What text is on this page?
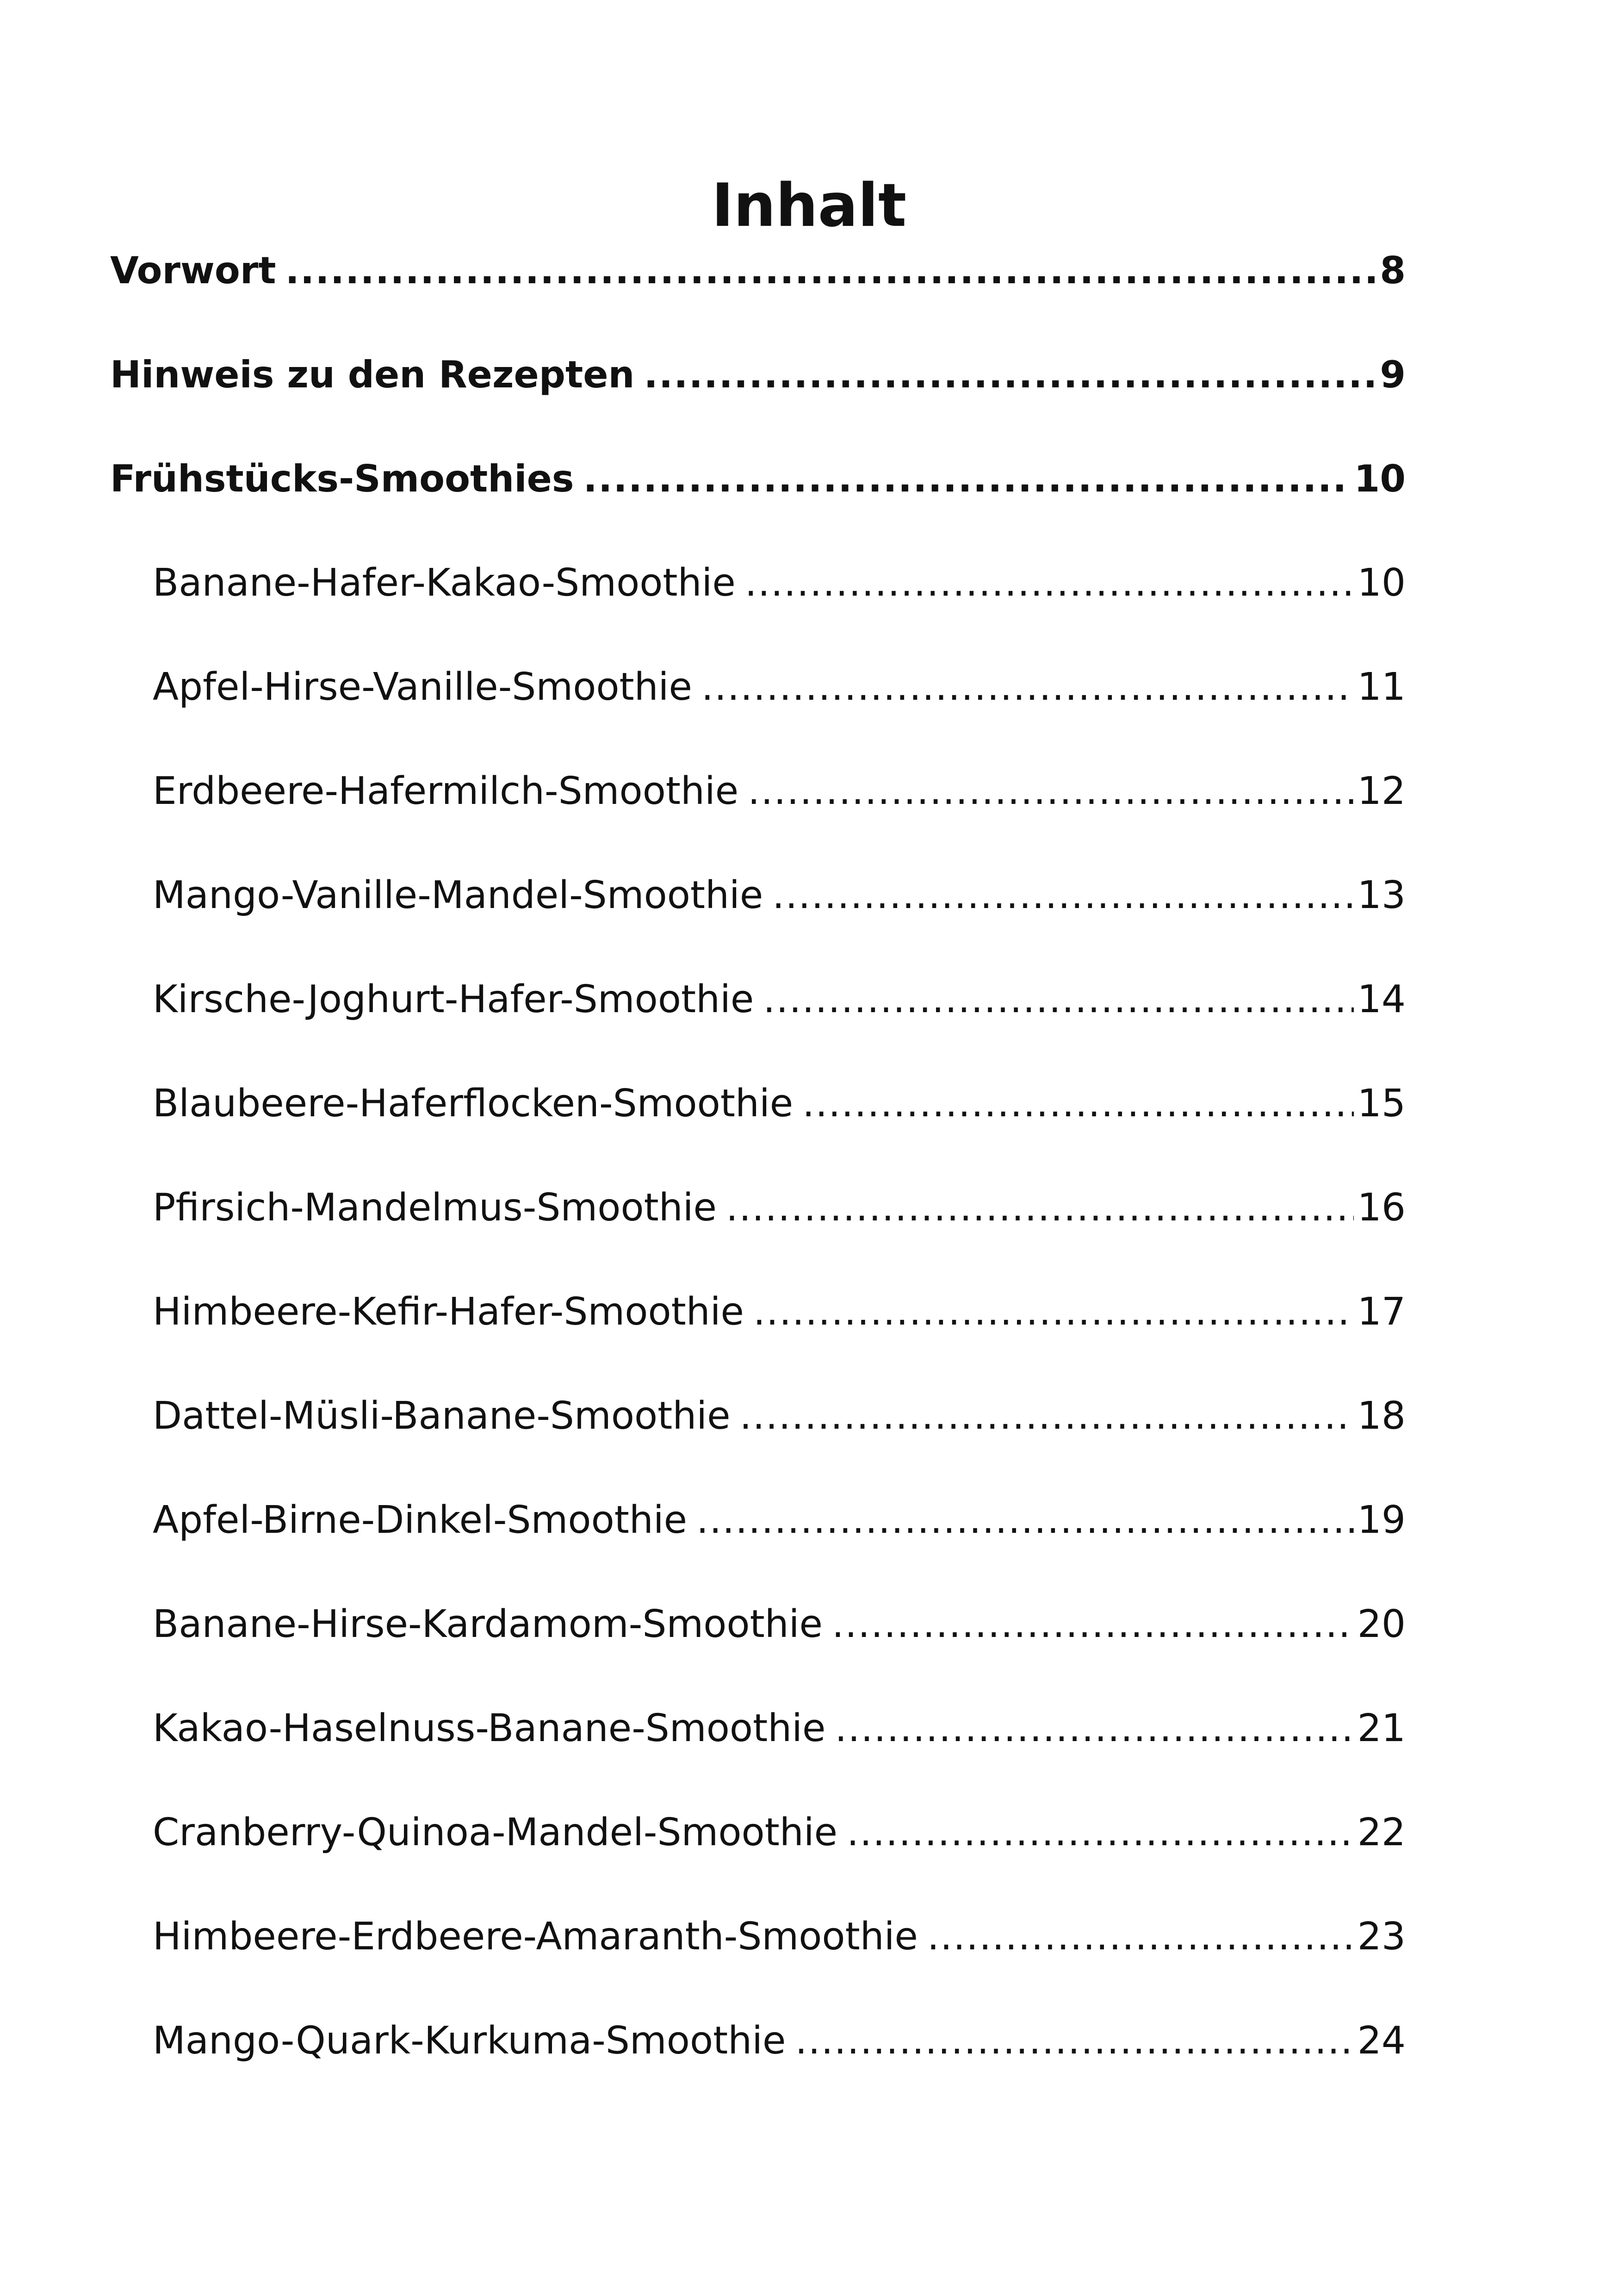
Inhalt
Vorwort .....	8
Hinweis zu den Rezepten .....	9
Frühstücks-Smoothies .....	10
Banane-Hafer-Kakao-Smoothie .....	10
Apfel-Hirse-Vanille-Smoothie .....	11
Erdbeere-Hafermilch-Smoothie .....	12
Mango-Vanille-Mandel-Smoothie .....	13
Kirsche-Joghurt-Hafer-Smoothie .....	14
Blaubeere-Haferflocken-Smoothie .....	15
Pfirsich-Mandelmus-Smoothie .....	16
Himbeere-Kefir-Hafer-Smoothie .....	17
Dattel-Müsli-Banane-Smoothie .....	18
Apfel-Birne-Dinkel-Smoothie .....	19
Banane-Hirse-Kardamom-Smoothie .....	20
Kakao-Haselnuss-Banane-Smoothie .....	21
Cranberry-Quinoa-Mandel-Smoothie .....	22
Himbeere-Erdbeere-Amaranth-Smoothie .....	23
Mango-Quark-Kurkuma-Smoothie .....	24
